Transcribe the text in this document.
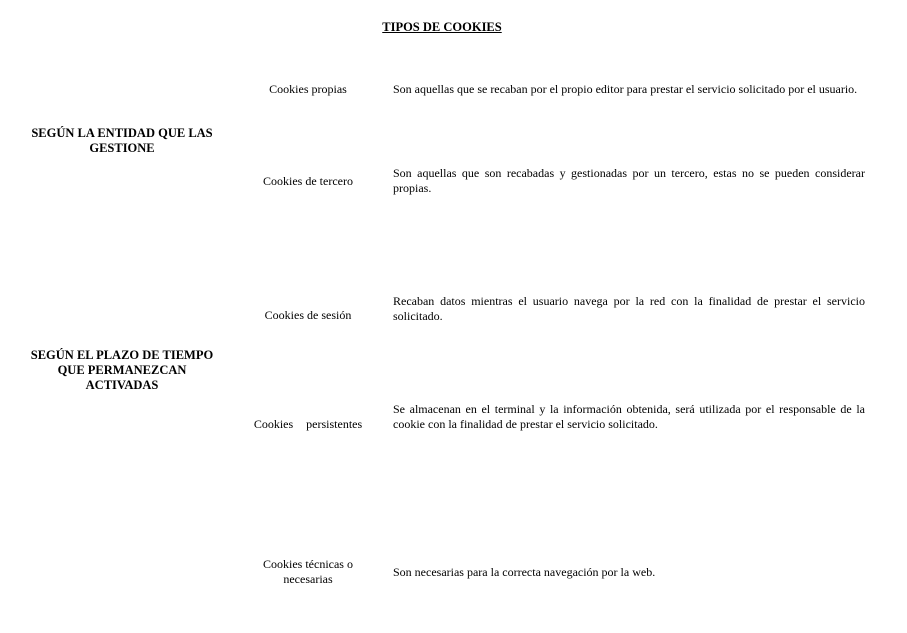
TIPOS DE COOKIES
SEGÚN LA ENTIDAD QUE LAS GESTIONE
Cookies propias	Son aquellas que se recaban por el propio editor para prestar el servicio solicitado por el usuario.
Cookies de tercero
Son aquellas que son recabadas y gestionadas por un tercero, estas no se pueden considerar propias.
SEGÚN EL PLAZO DE TIEMPO QUE PERMANEZCAN ACTIVADAS
Cookies de sesión
Recaban datos mientras el usuario navega por la red con la finalidad de prestar el servicio solicitado.
Cookies persistentes
Se almacenan en el terminal y la información obtenida, será utilizada por el responsable de la cookie con la finalidad de prestar el servicio solicitado.
Cookies técnicas o necesarias	Son necesarias para la correcta navegación por la web.
